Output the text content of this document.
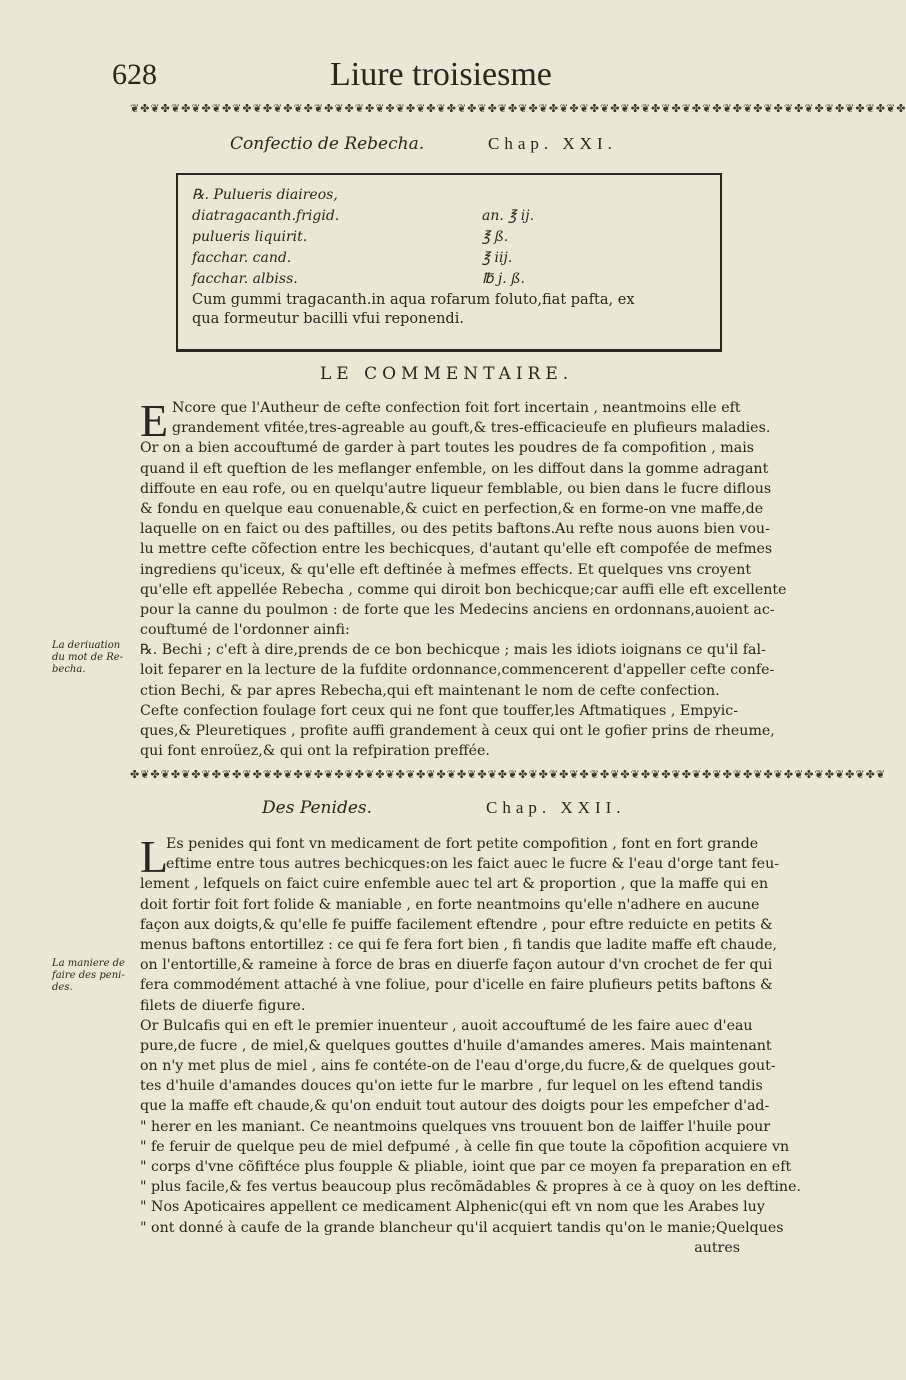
628	Liure troisiesme
❦✤❦✤❦✤❦✤❦✤❦✤❦✤❦✤❦✤❦✤❦✤❦✤❦✤❦✤❦✤❦✤❦✤❦✤❦✤❦✤❦✤❦✤❦✤❦✤❦✤❦✤❦✤❦✤❦✤❦✤❦✤❦✤❦✤❦✤❦✤❦✤❦✤❦✤
Confectio de Rebecha.	Chap. XXI.
℞. Pulueris diaireos,
diatragacanth.frigid.	an. ℥ ij.
pulueris liquirit.	℥ ß.
facchar. cand.	℥ iij.
facchar. albiss.	℔ j. ß.
Cum gummi tragacanth.in aqua rofarum foluto,fiat pafta, ex
qua formeutur bacilli vfui reponendi.
LE COMMENTAIRE.
E Ncore que l'Autheur de cefte confection foit fort incertain , neantmoins elle eft
grandement vfitée,tres-agreable au gouft,& tres-efficacieufe en plufieurs maladies.
Or on a bien accouftumé de garder à part toutes les poudres de fa compofition , mais
quand il eft queftion de les meflanger enfemble, on les diffout dans la gomme adragant
diffoute en eau rofe, ou en quelqu'autre liqueur femblable, ou bien dans le fucre diflous
& fondu en quelque eau conuenable,& cuict en perfection,& en forme-on vne maffe,de
laquelle on en faict ou des paftilles, ou des petits baftons.Au refte nous auons bien vou-
lu mettre cefte cõfection entre les bechicques, d'autant qu'elle eft compofée de mefmes
ingrediens qu'iceux, & qu'elle eft deftinée à mefmes effects. Et quelques vns croyent
qu'elle eft appellée Rebecha , comme qui diroit bon bechicque;car auffi elle eft excellente
pour la canne du poulmon : de forte que les Medecins anciens en ordonnans,auoient ac-
couftumé de l'ordonner ainfi:
℞. Bechi ; c'eft à dire,prends de ce bon bechicque ; mais les idiots ioignans ce qu'il fal-
loit feparer en la lecture de la fufdite ordonnance,commencerent d'appeller cefte confe-
ction Bechi, & par apres Rebecha,qui eft maintenant le nom de cefte confection.
Cefte confection foulage fort ceux qui ne font que touffer,les Aftmatiques , Empyic-
ques,& Pleuretiques , profite auffi grandement à ceux qui ont le gofier prins de rheume,
qui font enroüez,& qui ont la refpiration preffée.
La deriuation du mot de Re-becha.
✤❦✤❦✤❦✤❦✤❦✤❦✤❦✤❦✤❦✤❦✤❦✤❦✤❦✤❦✤❦✤❦✤❦✤❦✤❦✤❦✤❦✤❦✤❦✤❦✤❦✤❦✤❦✤❦✤❦✤❦✤❦✤❦✤❦✤❦✤❦✤❦✤❦
Des Penides.	Chap. XXII.
L
Es penides qui font vn medicament de fort petite compofition , font en fort grande
eftime entre tous autres bechicques:on les faict auec le fucre & l'eau d'orge tant feu-
lement , lefquels on faict cuire enfemble auec tel art & proportion , que la maffe qui en
doit fortir foit fort folide & maniable , en forte neantmoins qu'elle n'adhere en aucune
façon aux doigts,& qu'elle fe puiffe facilement eftendre , pour eftre reduicte en petits &
menus baftons entortillez : ce qui fe fera fort bien , fi tandis que ladite maffe eft chaude,
on l'entortille,& rameine à force de bras en diuerfe façon autour d'vn crochet de fer qui
fera commodément attaché à vne foliue, pour d'icelle en faire plufieurs petits baftons &
filets de diuerfe figure.
Or Bulcafis qui en eft le premier inuenteur , auoit accouftumé de les faire auec d'eau
pure,de fucre , de miel,& quelques gouttes d'huile d'amandes ameres. Mais maintenant
on n'y met plus de miel , ains fe contéte-on de l'eau d'orge,du fucre,& de quelques gout-
tes d'huile d'amandes douces qu'on iette fur le marbre , fur lequel on les eftend tandis
que la maffe eft chaude,& qu'on enduit tout autour des doigts pour les empefcher d'ad-
" herer en les maniant. Ce neantmoins quelques vns trouuent bon de laiffer l'huile pour
" fe feruir de quelque peu de miel defpumé , à celle fin que toute la cõpofition acquiere vn
" corps d'vne cõfiftéce plus foupple & pliable, ioint que par ce moyen fa preparation en eft
" plus facile,& fes vertus beaucoup plus recõmãdables & propres à ce à quoy on les deftine.
" Nos Apoticaires appellent ce medicament Alphenic(qui eft vn nom que les Arabes luy
" ont donné à caufe de la grande blancheur qu'il acquiert tandis qu'on le manie;Quelques
autres
La maniere de faire des peni-des.
